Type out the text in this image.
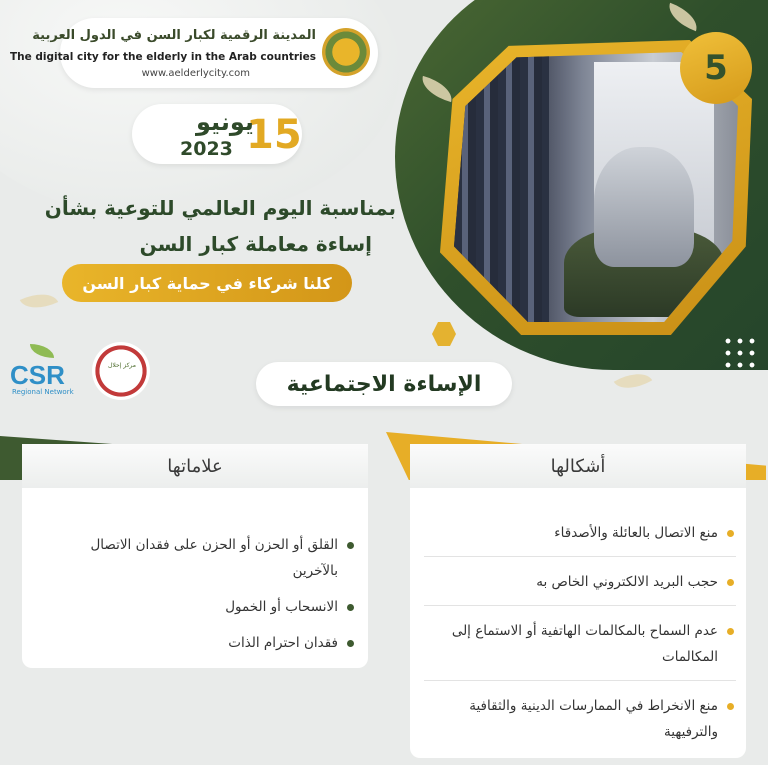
5
المدينة الرقمية لكبار السن في الدول العربية
The digital city for the elderly in the Arab countries
www.aelderlycity.com
15
يونيو
2023
بمناسبة اليوم العالمي للتوعية بشأن
إساءة معاملة كبار السن
كلنا شركاء في حماية كبار السن
CSR
Regional Network
مركز إحلال
الإساءة الاجتماعية
علاماتها	أشكالها
القلق أو الحزن أو الحزن على فقدان الاتصال بالآخرين
الانسحاب أو الخمول
فقدان احترام الذات
منع الاتصال بالعائلة والأصدقاء
حجب البريد الالكتروني الخاص به
عدم السماح بالمكالمات الهاتفية أو الاستماع إلى المكالمات
منع الانخراط في الممارسات الدينية والثقافية والترفيهية
